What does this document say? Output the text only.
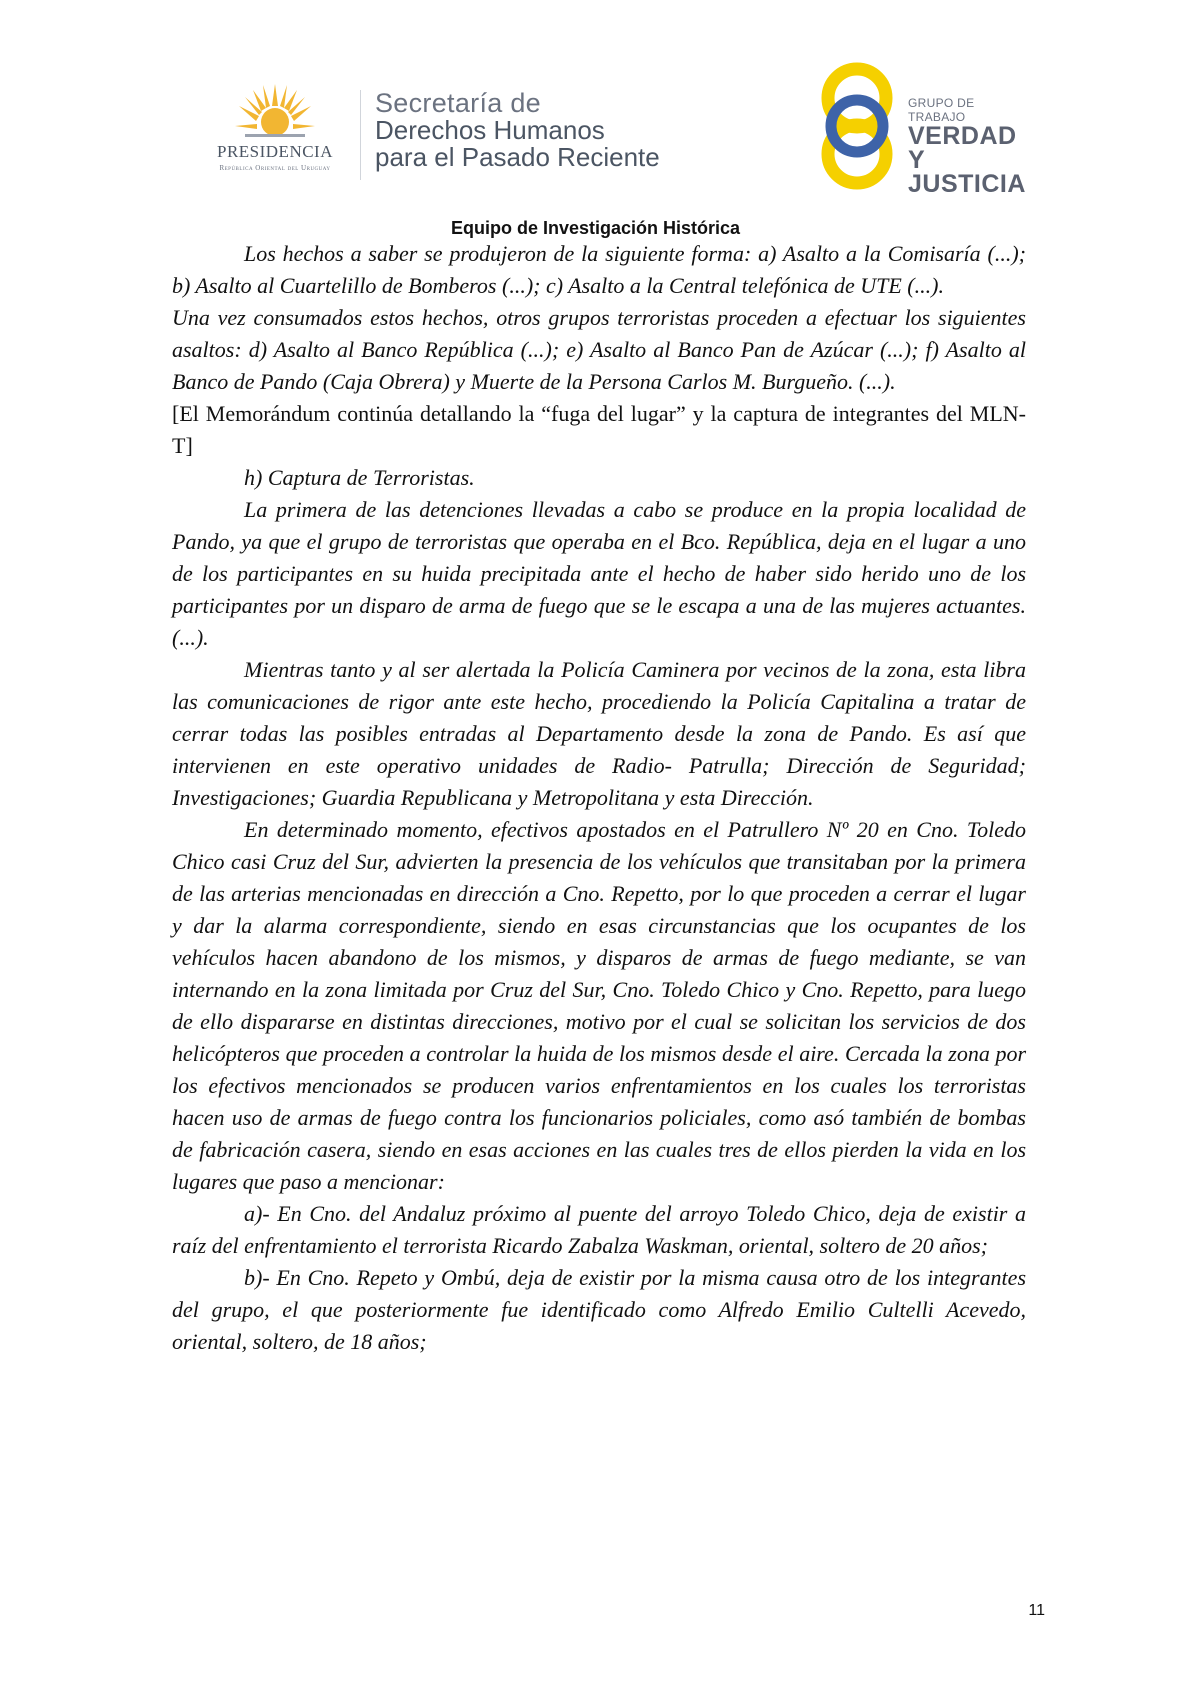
PRESIDENCIA
República Oriental del Uruguay
Secretaría de
Derechos Humanos
para el Pasado Reciente
GRUPO DE TRABAJO
VERDAD Y
JUSTICIA
Equipo de Investigación Histórica

Los hechos a saber se produjeron de la siguiente forma: a) Asalto a la Comisaría (...); b) Asalto al Cuartelillo de Bomberos (...); c) Asalto a la Central telefónica de UTE (...).

Una vez consumados estos hechos, otros grupos terroristas proceden a efectuar los siguientes asaltos: d) Asalto al Banco República (...); e) Asalto al Banco Pan de Azúcar (...); f) Asalto al Banco de Pando (Caja Obrera) y Muerte de la Persona Carlos M. Burgueño. (...).

[El Memorándum continúa detallando la “fuga del lugar” y la captura de integrantes del MLN- T]

h) Captura de Terroristas.

La primera de las detenciones llevadas a cabo se produce en la propia localidad de Pando, ya que el grupo de terroristas que operaba en el Bco. República, deja en el lugar a uno de los participantes en su huida precipitada ante el hecho de haber sido herido uno de los participantes por un disparo de arma de fuego que se le escapa a una de las mujeres actuantes. (...).

Mientras tanto y al ser alertada la Policía Caminera por vecinos de la zona, esta libra las comunicaciones de rigor ante este hecho, procediendo la Policía Capitalina a tratar de cerrar todas las posibles entradas al Departamento desde la zona de Pando. Es así que intervienen en este operativo unidades de Radio- Patrulla; Dirección de Seguridad; Investigaciones; Guardia Republicana y Metropolitana y esta Dirección.

En determinado momento, efectivos apostados en el Patrullero Nº 20 en Cno. Toledo Chico casi Cruz del Sur, advierten la presencia de los vehículos que transitaban por la primera de las arterias mencionadas en dirección a Cno. Repetto, por lo que proceden a cerrar el lugar y dar la alarma correspondiente, siendo en esas circunstancias que los ocupantes de los vehículos hacen abandono de los mismos, y disparos de armas de fuego mediante, se van internando en la zona limitada por Cruz del Sur, Cno. Toledo Chico y Cno. Repetto, para luego de ello dispararse en distintas direcciones, motivo por el cual se solicitan los servicios de dos helicópteros que proceden a controlar la huida de los mismos desde el aire. Cercada la zona por los efectivos mencionados se producen varios enfrentamientos en los cuales los terroristas hacen uso de armas de fuego contra los funcionarios policiales, como asó también de bombas de fabricación casera, siendo en esas acciones en las cuales tres de ellos pierden la vida en los lugares que paso a mencionar:

a)- En Cno. del Andaluz próximo al puente del arroyo Toledo Chico, deja de existir a raíz del enfrentamiento el terrorista Ricardo Zabalza Waskman, oriental, soltero de 20 años;

b)- En Cno. Repeto y Ombú, deja de existir por la misma causa otro de los integrantes del grupo, el que posteriormente fue identificado como Alfredo Emilio Cultelli Acevedo, oriental, soltero, de 18 años;

11
